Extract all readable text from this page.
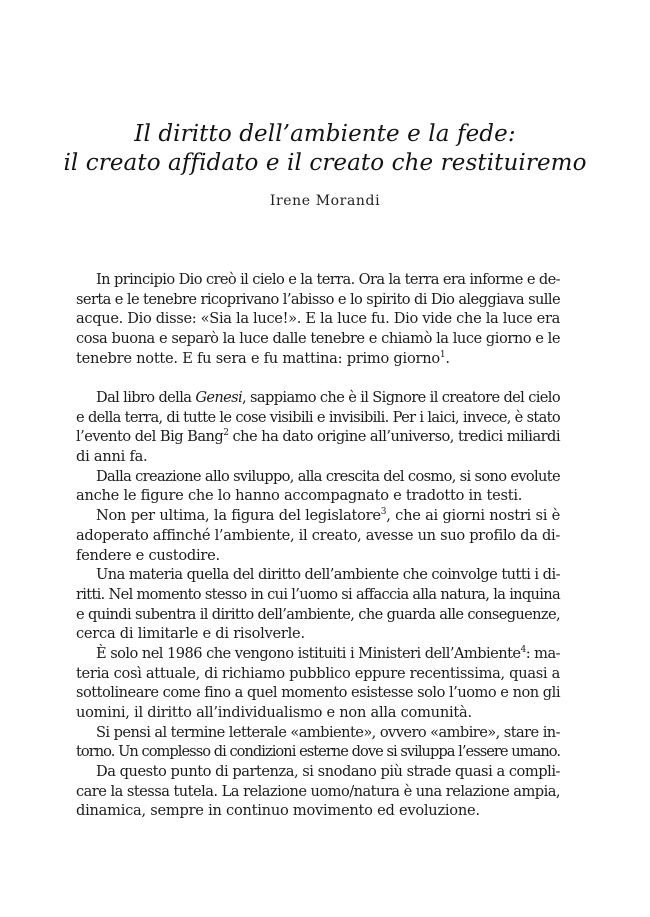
Il diritto dell’ambiente e la fede:
il creato affidato e il creato che restituiremo
Irene Morandi
In principio Dio creò il cielo e la terra. Ora la terra era informe e de-
serta e le tenebre ricoprivano l’abisso e lo spirito di Dio aleggiava sulle
acque. Dio disse: «Sia la luce!». E la luce fu. Dio vide che la luce era
cosa buona e separò la luce dalle tenebre e chiamò la luce giorno e le
tenebre notte. E fu sera e fu mattina: primo giorno$^1$.
Dal libro della Genesi, sappiamo che è il Signore il creatore del cielo
e della terra, di tutte le cose visibili e invisibili. Per i laici, invece, è stato
l’evento del Big Bang$^2$ che ha dato origine all’universo, tredici miliardi
di anni fa.
Dalla creazione allo sviluppo, alla crescita del cosmo, si sono evolute
anche le figure che lo hanno accompagnato e tradotto in testi.
Non per ultima, la figura del legislatore$^3$, che ai giorni nostri si è
adoperato affinché l’ambiente, il creato, avesse un suo profilo da di-
fendere e custodire.
Una materia quella del diritto dell’ambiente che coinvolge tutti i di-
ritti. Nel momento stesso in cui l’uomo si affaccia alla natura, la inquina
e quindi subentra il diritto dell’ambiente, che guarda alle conseguenze,
cerca di limitarle e di risolverle.
È solo nel 1986 che vengono istituiti i Ministeri dell’Ambiente$^4$: ma-
teria così attuale, di richiamo pubblico eppure recentissima, quasi a
sottolineare come fino a quel momento esistesse solo l’uomo e non gli
uomini, il diritto all’individualismo e non alla comunità.
Si pensi al termine letterale «ambiente», ovvero «ambire», stare in-
torno. Un complesso di condizioni esterne dove si sviluppa l’essere umano.
Da questo punto di partenza, si snodano più strade quasi a compli-
care la stessa tutela. La relazione uomo/natura è una relazione ampia,
dinamica, sempre in continuo movimento ed evoluzione.
